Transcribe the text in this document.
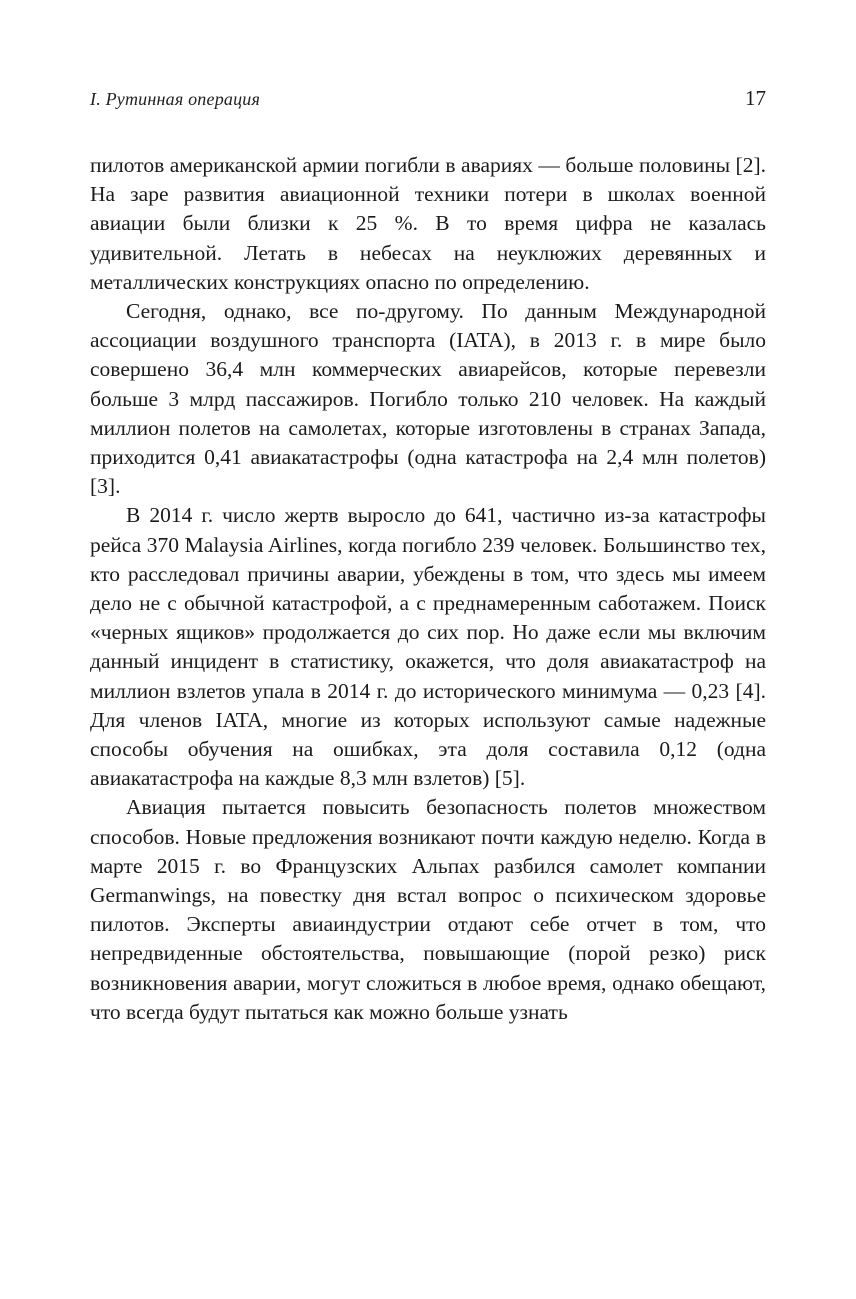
I. Рутинная операция	17

пилотов американской армии погибли в авариях — больше половины [2]. На заре развития авиационной техники потери в школах военной авиации были близки к 25 %. В то время цифра не казалась удивительной. Летать в небесах на неуклюжих деревянных и металлических конструкциях опасно по определению.

Сегодня, однако, все по-другому. По данным Международной ассоциации воздушного транспорта (IATA), в 2013 г. в мире было совершено 36,4 млн коммерческих авиарейсов, которые перевезли больше 3 млрд пассажиров. Погибло только 210 человек. На каждый миллион полетов на самолетах, которые изготовлены в странах Запада, приходится 0,41 авиакатастрофы (одна катастрофа на 2,4 млн полетов) [3].

В 2014 г. число жертв выросло до 641, частично из-за катастрофы рейса 370 Malaysia Airlines, когда погибло 239 человек. Большинство тех, кто расследовал причины аварии, убеждены в том, что здесь мы имеем дело не с обычной катастрофой, а с преднамеренным саботажем. Поиск «черных ящиков» продолжается до сих пор. Но даже если мы включим данный инцидент в статистику, окажется, что доля авиакатастроф на миллион взлетов упала в 2014 г. до исторического минимума — 0,23 [4]. Для членов IATA, многие из которых используют самые надежные способы обучения на ошибках, эта доля составила 0,12 (одна авиакатастрофа на каждые 8,3 млн взлетов) [5].

Авиация пытается повысить безопасность полетов множеством способов. Новые предложения возникают почти каждую неделю. Когда в марте 2015 г. во Французских Альпах разбился самолет компании Germanwings, на повестку дня встал вопрос о психическом здоровье пилотов. Эксперты авиаиндустрии отдают себе отчет в том, что непредвиденные обстоятельства, повышающие (порой резко) риск возникновения аварии, могут сложиться в любое время, однако обещают, что всегда будут пытаться как можно больше узнать
